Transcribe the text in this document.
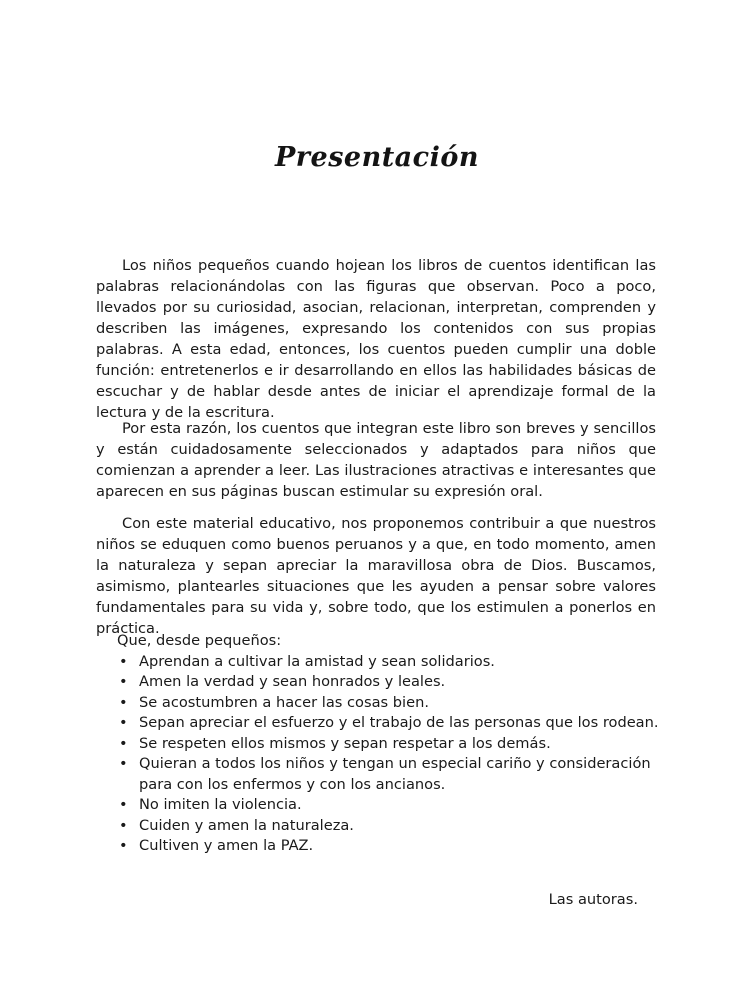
Presentación

Los niños pequeños cuando hojean los libros de cuentos identifican las palabras relacionándolas con las figuras que observan. Poco a poco, llevados por su curiosidad, asocian, relacionan, interpretan, comprenden y describen las imágenes, expresando los contenidos con sus propias palabras. A esta edad, entonces, los cuentos pueden cumplir una doble función: entretenerlos e ir desarrollando en ellos las habilidades básicas de escuchar y de hablar desde antes de iniciar el aprendizaje formal de la lectura y de la escritura.

Por esta razón, los cuentos que integran este libro son breves y sencillos y están cuidadosamente seleccionados y adaptados para niños que comienzan a aprender a leer. Las ilustraciones atractivas e interesantes que aparecen en sus páginas buscan estimular su expresión oral.

Con este material educativo, nos proponemos contribuir a que nuestros niños se eduquen como buenos peruanos y a que, en todo momento, amen la naturaleza y sepan apreciar la maravillosa obra de Dios. Buscamos, asimismo, plantearles situaciones que les ayuden a pensar sobre valores fundamentales para su vida y, sobre todo, que los estimulen a ponerlos en práctica.

Que, desde pequeños:

• Aprendan a cultivar la amistad y sean solidarios.
• Amen la verdad y sean honrados y leales.
• Se acostumbren a hacer las cosas bien.
• Sepan apreciar el esfuerzo y el trabajo de las personas que los rodean.
• Se respeten ellos mismos y sepan respetar a los demás.
• Quieran a todos los niños y tengan un especial cariño y consideración para con los enfermos y con los ancianos.
• No imiten la violencia.
• Cuiden y amen la naturaleza.
• Cultiven y amen la PAZ.

Las autoras.
